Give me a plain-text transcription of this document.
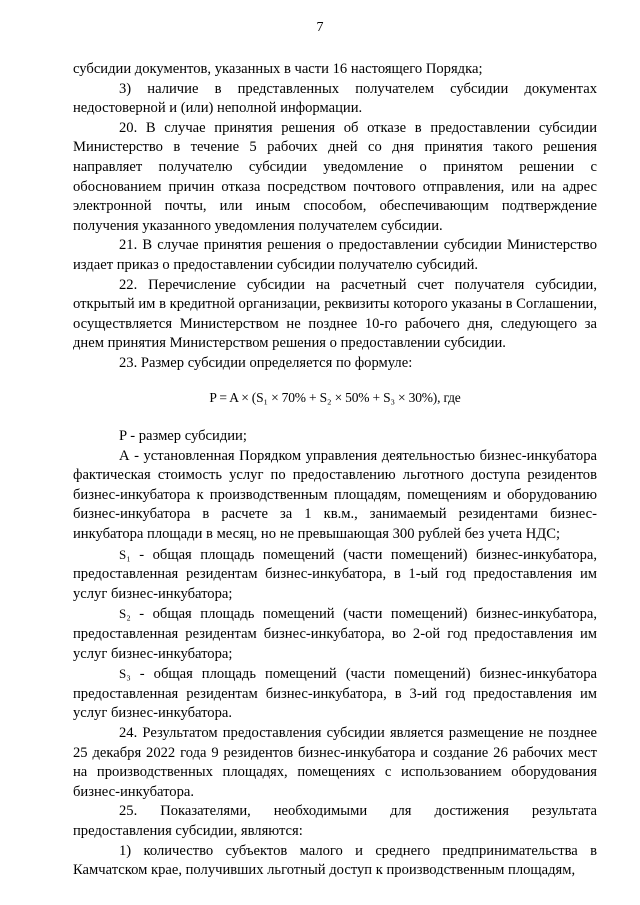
7

субсидии документов, указанных в части 16 настоящего Порядка;

3) наличие в представленных получателем субсидии документах недостоверной и (или) неполной информации.

20. В случае принятия решения об отказе в предоставлении субсидии Министерство в течение 5 рабочих дней со дня принятия такого решения направляет получателю субсидии уведомление о принятом решении с обоснованием причин отказа посредством почтового отправления, или на адрес электронной почты, или иным способом, обеспечивающим подтверждение получения указанного уведомления получателем субсидии.

21. В случае принятия решения о предоставлении субсидии Министерство издает приказ о предоставлении субсидии получателю субсидий.

22. Перечисление субсидии на расчетный счет получателя субсидии, открытый им в кредитной организации, реквизиты которого указаны в Соглашении, осуществляется Министерством не позднее 10-го рабочего дня, следующего за днем принятия Министерством решения о предоставлении субсидии.

23. Размер субсидии определяется по формуле:

P = A × (S₁ × 70% + S₂ × 50% + S₃ × 30%), где

P - размер субсидии;

А - установленная Порядком управления деятельностью бизнес-инкубатора фактическая стоимость услуг по предоставлению льготного доступа резидентов бизнес-инкубатора к производственным площадям, помещениям и оборудованию бизнес-инкубатора в расчете за 1 кв.м., занимаемый резидентами бизнес-инкубатора площади в месяц, но не превышающая 300 рублей без учета НДС;

S₁ - общая площадь помещений (части помещений) бизнес-инкубатора, предоставленная резидентам бизнес-инкубатора, в 1-ый год предоставления им услуг бизнес-инкубатора;

S₂ - общая площадь помещений (части помещений) бизнес-инкубатора, предоставленная резидентам бизнес-инкубатора, во 2-ой год предоставления им услуг бизнес-инкубатора;

S₃ - общая площадь помещений (части помещений) бизнес-инкубатора предоставленная резидентам бизнес-инкубатора, в 3-ий год предоставления им услуг бизнес-инкубатора.

24. Результатом предоставления субсидии является размещение не позднее 25 декабря 2022 года 9 резидентов бизнес-инкубатора и создание 26 рабочих мест на производственных площадях, помещениях с использованием оборудования бизнес-инкубатора.

25. Показателями, необходимыми для достижения результата предоставления субсидии, являются:

1) количество субъектов малого и среднего предпринимательства в Камчатском крае, получивших льготный доступ к производственным площадям,
